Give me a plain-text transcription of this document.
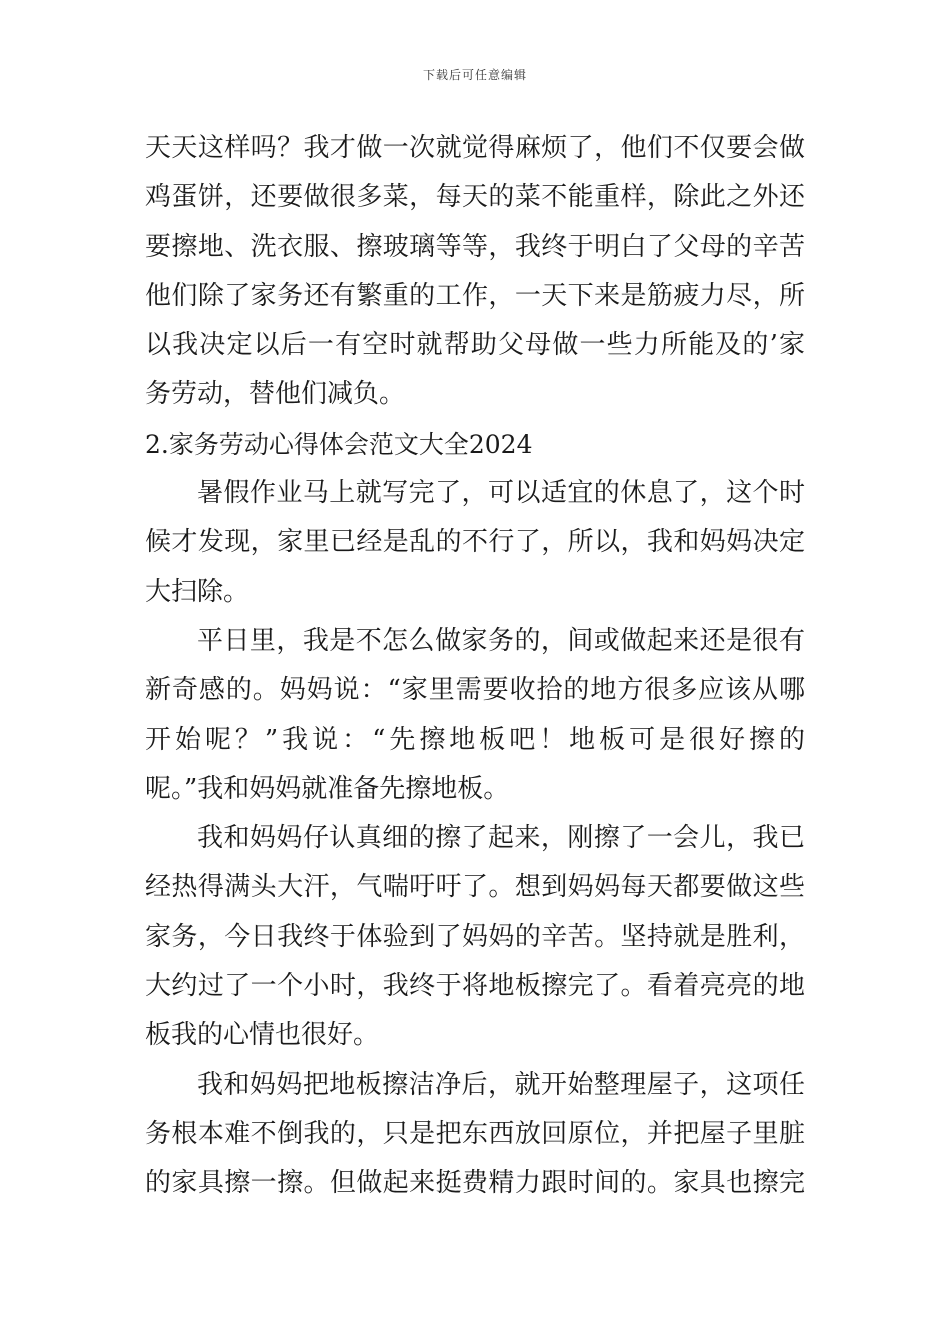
下载后可任意编辑
天天这样吗？我才做一次就觉得麻烦了，他们不仅要会做
鸡蛋饼，还要做很多菜，每天的菜不能重样，除此之外还
要擦地、洗衣服、擦玻璃等等，我终于明白了父母的辛苦
他们除了家务还有繁重的工作，一天下来是筋疲力尽，所
以我决定以后一有空时就帮助父母做一些力所能及的’家
务劳动，替他们减负。
2.家务劳动心得体会范文大全2024
暑假作业马上就写完了，可以适宜的休息了，这个时
候才发现，家里已经是乱的不行了，所以，我和妈妈决定
大扫除。
平日里，我是不怎么做家务的，间或做起来还是很有
新奇感的。妈妈说：“家里需要收拾的地方很多应该从哪
开始呢？”我说：“先擦地板吧！地板可是很好擦的
呢。”我和妈妈就准备先擦地板。
我和妈妈仔认真细的擦了起来，刚擦了一会儿，我已
经热得满头大汗，气喘吁吁了。想到妈妈每天都要做这些
家务，今日我终于体验到了妈妈的辛苦。坚持就是胜利，
大约过了一个小时，我终于将地板擦完了。看着亮亮的地
板我的心情也很好。
我和妈妈把地板擦洁净后，就开始整理屋子，这项任
务根本难不倒我的，只是把东西放回原位，并把屋子里脏
的家具擦一擦。但做起来挺费精力跟时间的。家具也擦完
